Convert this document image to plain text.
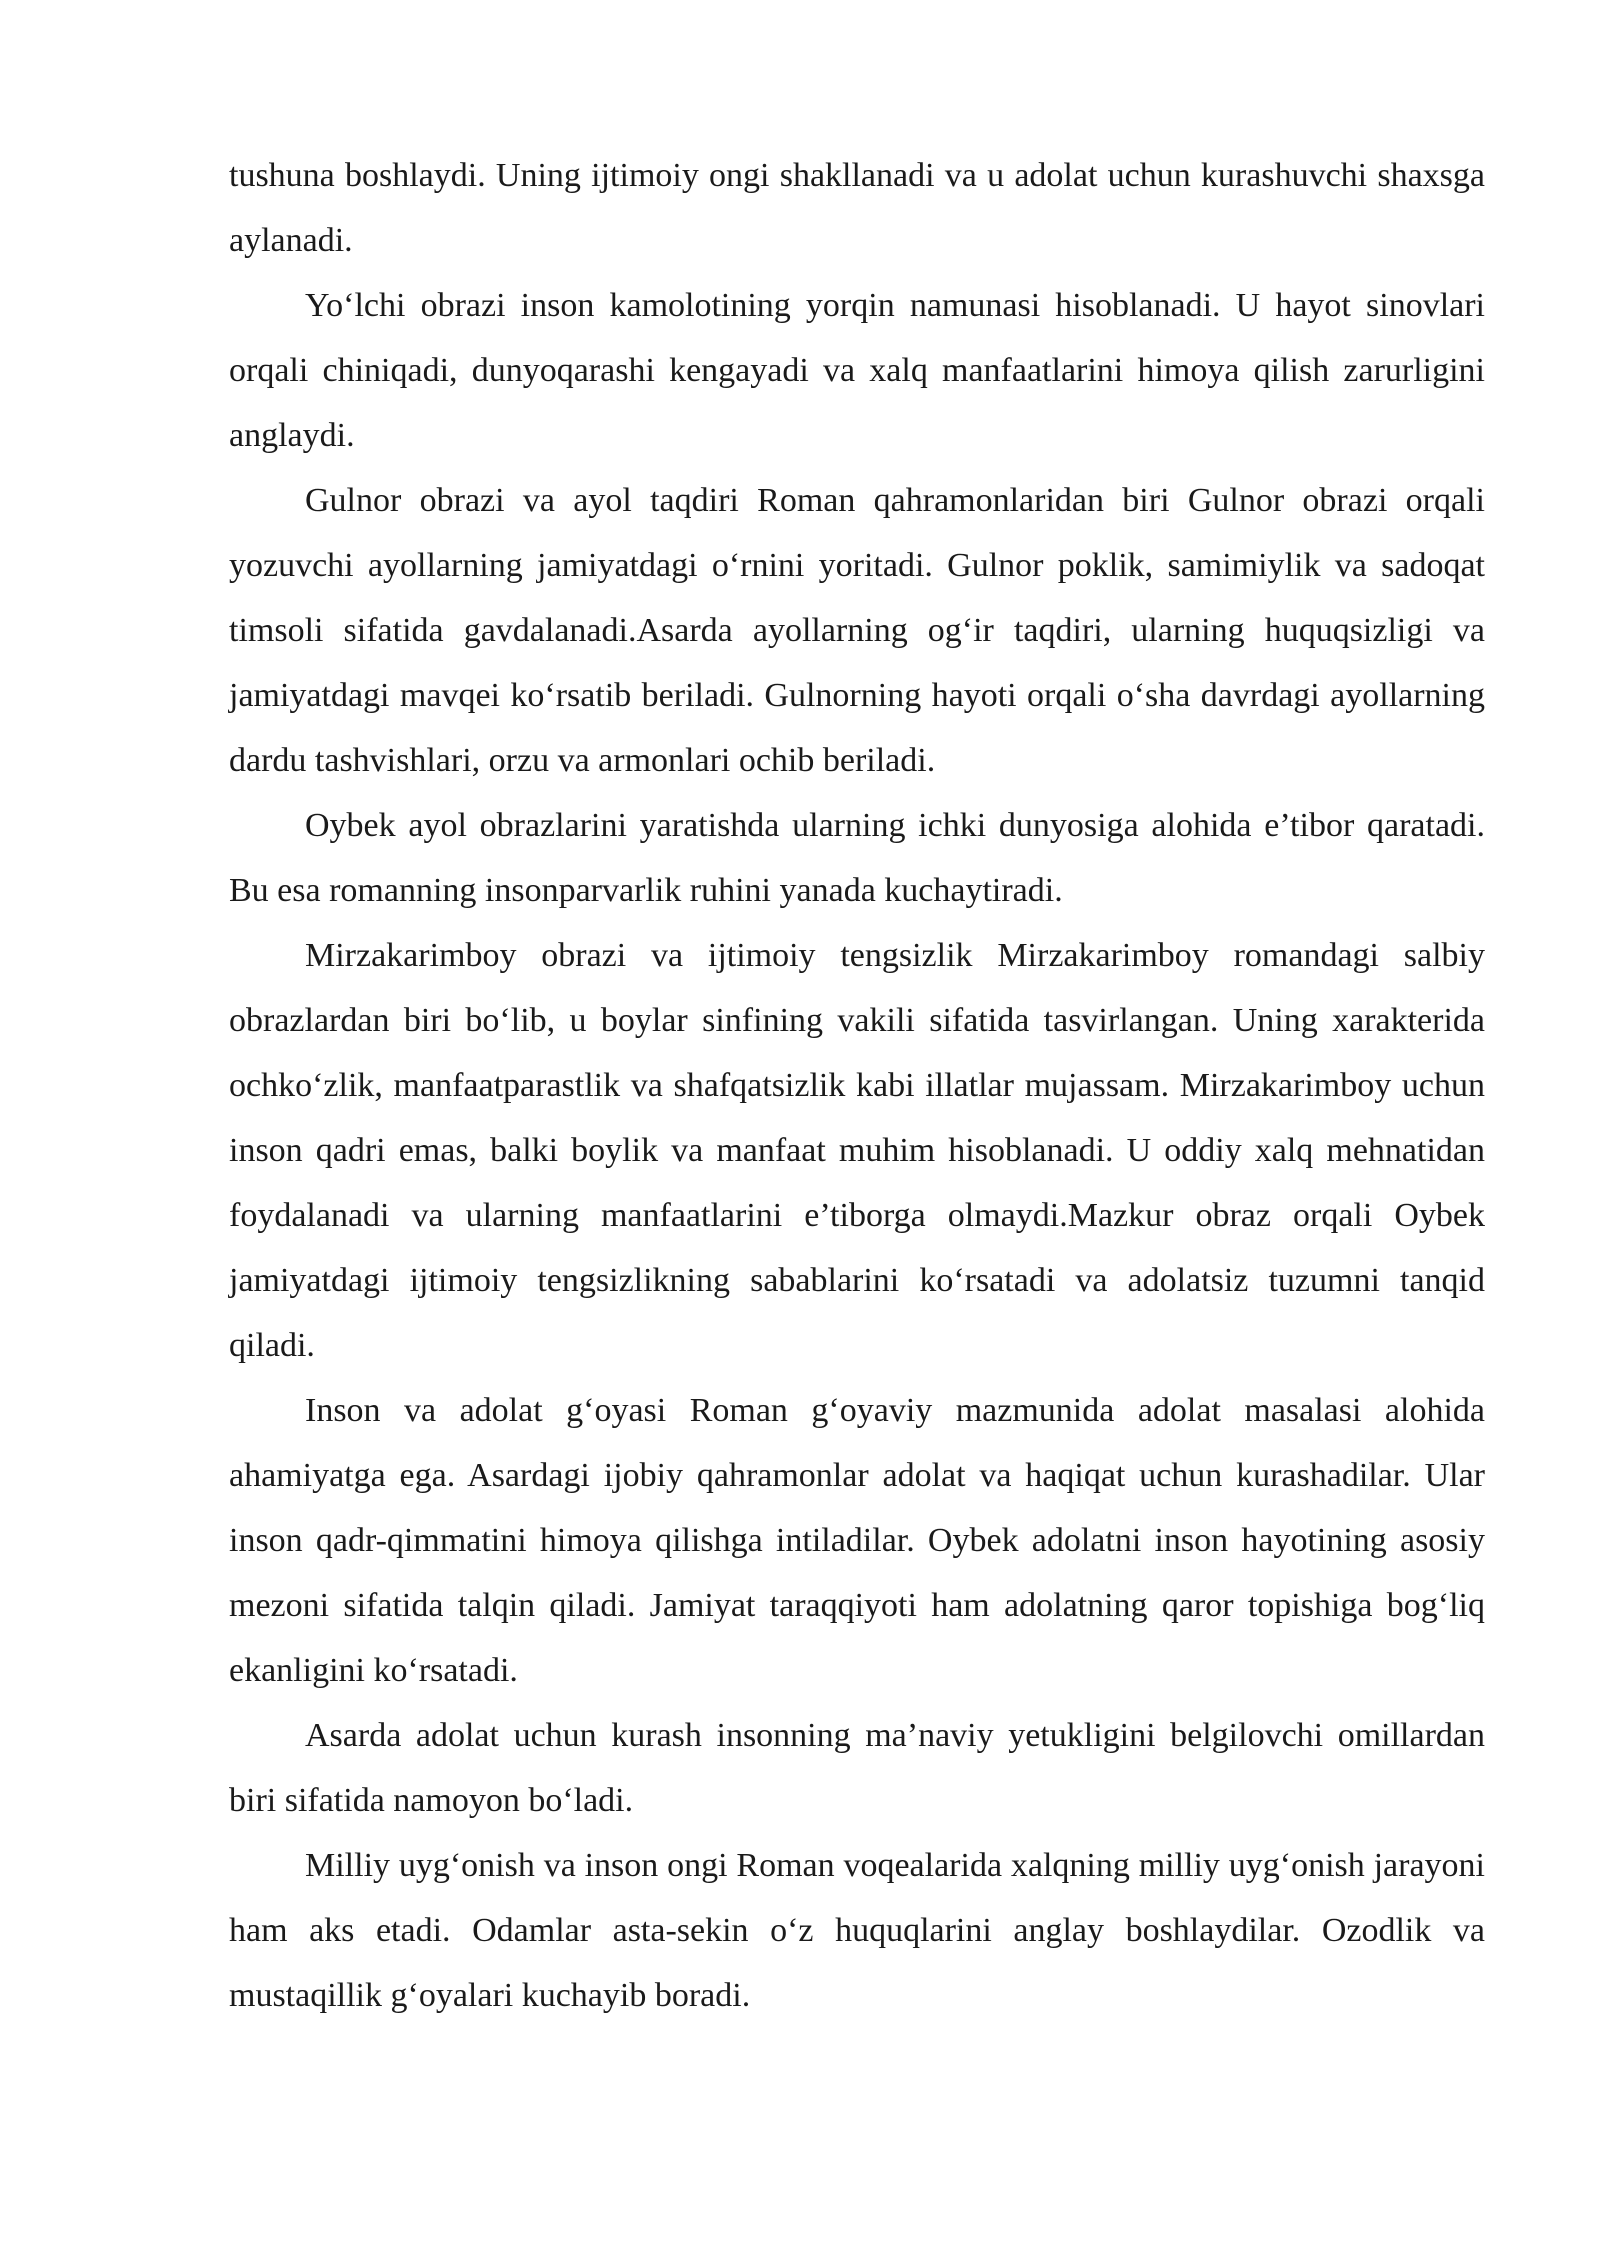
tushuna boshlaydi. Uning ijtimoiy ongi shakllanadi va u adolat uchun kurashuvchi shaxsga aylanadi.

Yo‘lchi obrazi inson kamolotining yorqin namunasi hisoblanadi. U hayot sinovlari orqali chiniqadi, dunyoqarashi kengayadi va xalq manfaatlarini himoya qilish zarurligini anglaydi.

Gulnor obrazi va ayol taqdiri Roman qahramonlaridan biri Gulnor obrazi orqali yozuvchi ayollarning jamiyatdagi o‘rnini yoritadi. Gulnor poklik, samimiylik va sadoqat timsoli sifatida gavdalanadi.Asarda ayollarning og‘ir taqdiri, ularning huquqsizligi va jamiyatdagi mavqei ko‘rsatib beriladi. Gulnorning hayoti orqali o‘sha davrdagi ayollarning dardu tashvishlari, orzu va armonlari ochib beriladi.

Oybek ayol obrazlarini yaratishda ularning ichki dunyosiga alohida e’tibor qaratadi. Bu esa romanning insonparvarlik ruhini yanada kuchaytiradi.

Mirzakarimboy obrazi va ijtimoiy tengsizlik Mirzakarimboy romandagi salbiy obrazlardan biri bo‘lib, u boylar sinfining vakili sifatida tasvirlangan. Uning xarakterida ochko‘zlik, manfaatparastlik va shafqatsizlik kabi illatlar mujassam. Mirzakarimboy uchun inson qadri emas, balki boylik va manfaat muhim hisoblanadi. U oddiy xalq mehnatidan foydalanadi va ularning manfaatlarini e’tiborga olmaydi.Mazkur obraz orqali Oybek jamiyatdagi ijtimoiy tengsizlikning sabablarini ko‘rsatadi va adolatsiz tuzumni tanqid qiladi.

Inson va adolat g‘oyasi Roman g‘oyaviy mazmunida adolat masalasi alohida ahamiyatga ega. Asardagi ijobiy qahramonlar adolat va haqiqat uchun kurashadilar. Ular inson qadr-qimmatini himoya qilishga intiladilar. Oybek adolatni inson hayotining asosiy mezoni sifatida talqin qiladi. Jamiyat taraqqiyoti ham adolatning qaror topishiga bog‘liq ekanligini ko‘rsatadi.

Asarda adolat uchun kurash insonning ma’naviy yetukligini belgilovchi omillardan biri sifatida namoyon bo‘ladi.

Milliy uyg‘onish va inson ongi Roman voqealarida xalqning milliy uyg‘onish jarayoni ham aks etadi. Odamlar asta-sekin o‘z huquqlarini anglay boshlaydilar. Ozodlik va mustaqillik g‘oyalari kuchayib boradi.
